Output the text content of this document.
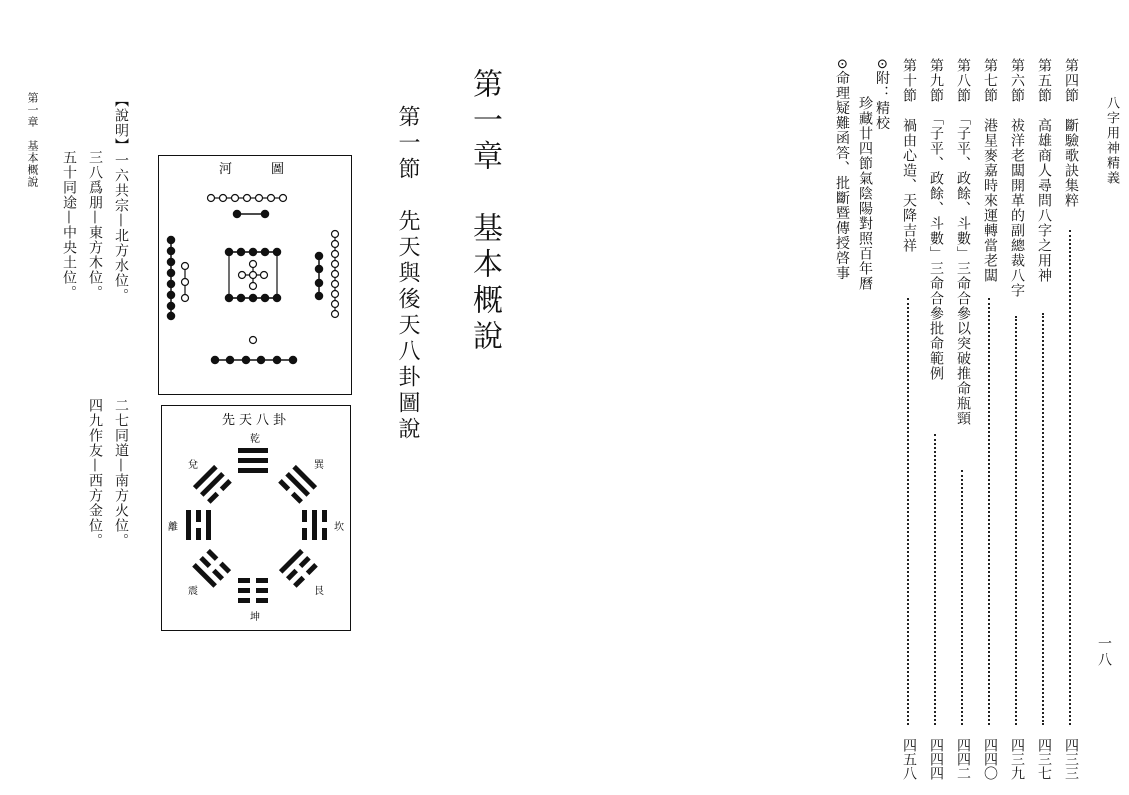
八字用神精義
一八
第四節　斷驗歌訣集粹
四三三
第五節　高雄商人尋問八字之用神
四三七
第六節　祓洋老闆開革的副總裁八字
四三九
第七節　港星麥嘉時來運轉當老闆
四四〇
第八節　「子平、政餘、斗數」三命合參以突破推命瓶頸
四四二
第九節　「子平、政餘、斗數」三命合參批命範例
四四四
第十節　禍由心造、天降吉祥
四五八
⊙附：精校
珍藏廿四節氣陰陽對照百年曆
⊙命理疑難函答、批斷暨傳授啓事
第一章　基本概說
第一節　先天與後天八卦圖說
河	圖
先天八卦
乾
坤
離	坎
巽
兌
震	艮
【說明】一六共宗—北方水位。
二七同道—南方火位。
三八爲朋—東方木位。
四九作友—西方金位。
五十同途—中央土位。
第一章　基本概說
